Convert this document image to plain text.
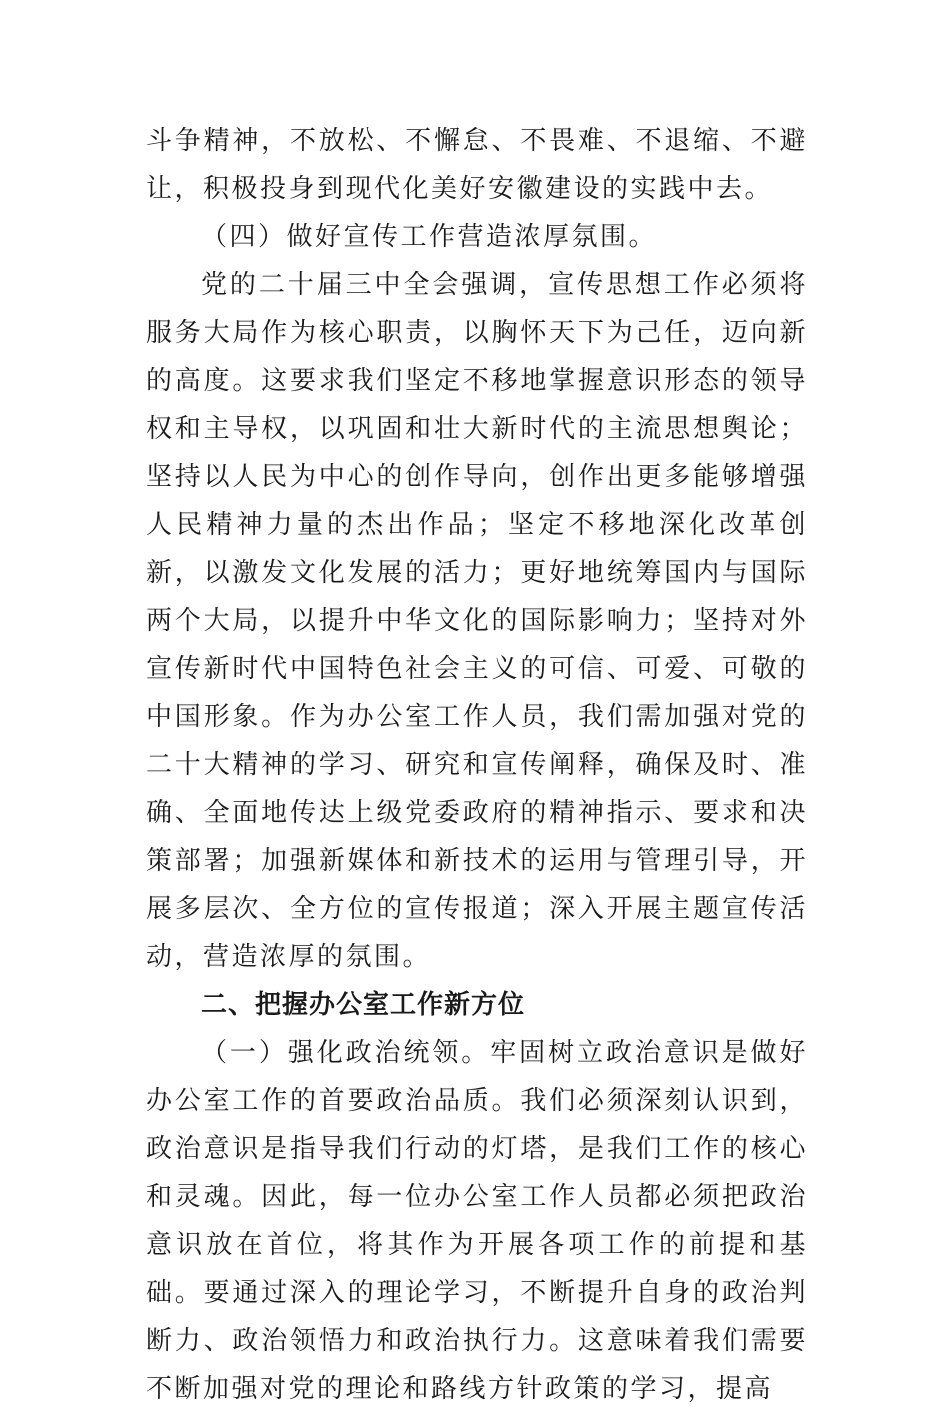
斗争精神，不放松、不懈怠、不畏难、不退缩、不避让，积极投身到现代化美好安徽建设的实践中去。

（四）做好宣传工作营造浓厚氛围。

党的二十届三中全会强调，宣传思想工作必须将服务大局作为核心职责，以胸怀天下为己任，迈向新的高度。这要求我们坚定不移地掌握意识形态的领导权和主导权，以巩固和壮大新时代的主流思想舆论；坚持以人民为中心的创作导向，创作出更多能够增强人民精神力量的杰出作品；坚定不移地深化改革创新，以激发文化发展的活力；更好地统筹国内与国际两个大局，以提升中华文化的国际影响力；坚持对外宣传新时代中国特色社会主义的可信、可爱、可敬的中国形象。作为办公室工作人员，我们需加强对党的二十大精神的学习、研究和宣传阐释，确保及时、准确、全面地传达上级党委政府的精神指示、要求和决策部署；加强新媒体和新技术的运用与管理引导，开展多层次、全方位的宣传报道；深入开展主题宣传活动，营造浓厚的氛围。

二、把握办公室工作新方位

（一）强化政治统领。牢固树立政治意识是做好办公室工作的首要政治品质。我们必须深刻认识到，政治意识是指导我们行动的灯塔，是我们工作的核心和灵魂。因此，每一位办公室工作人员都必须把政治意识放在首位，将其作为开展各项工作的前提和基础。要通过深入的理论学习，不断提升自身的政治判断力、政治领悟力和政治执行力。这意味着我们需要不断加强对党的理论和路线方针政策的学习，提高
